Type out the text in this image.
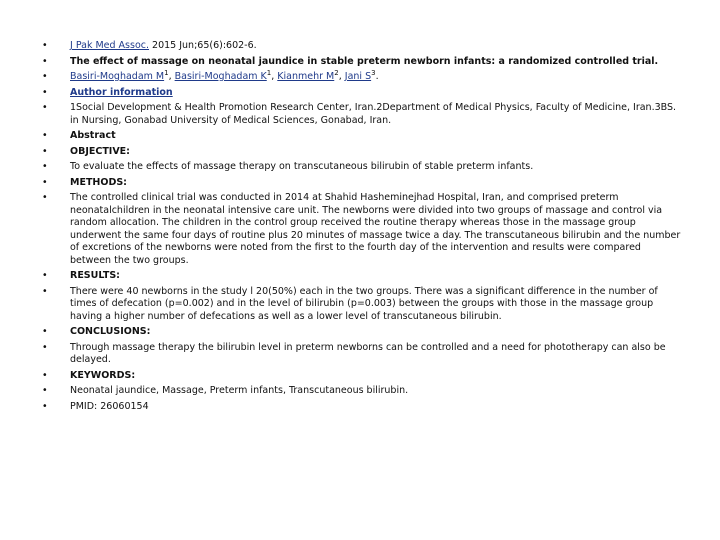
•	J Pak Med Assoc. 2015 Jun;65(6):602-6.
•	The effect of massage on neonatal jaundice in stable preterm newborn infants: a randomized controlled trial.
•	Basiri-Moghadam $M^1$, Basiri-Moghadam $K^1$, Kianmehr $M^2$, Jani $S^3$.
•	Author information
•	1Social Development & Health Promotion Research Center, Iran.2Department of Medical Physics, Faculty of Medicine, Iran.3BS. in Nursing, Gonabad University of Medical Sciences, Gonabad, Iran.
•	Abstract
•	OBJECTIVE:
•	To evaluate the effects of massage therapy on transcutaneous bilirubin of stable preterm infants.
•	METHODS:
•	The controlled clinical trial was conducted in 2014 at Shahid Hasheminejhad Hospital, Iran, and comprised preterm neonatalchildren in the neonatal intensive care unit. The newborns were divided into two groups of massage and control via random allocation. The children in the control group received the routine therapy whereas those in the massage group underwent the same four days of routine plus 20 minutes of massage twice a day. The transcutaneous bilirubin and the number of excretions of the newborns were noted from the first to the fourth day of the intervention and results were compared between the two groups.
•	RESULTS:
•	There were 40 newborns in the study l 20(50%) each in the two groups. There was a significant difference in the number of times of defecation (p=0.002) and in the level of bilirubin (p=0.003) between the groups with those in the massage group having a higher number of defecations as well as a lower level of transcutaneous bilirubin.
•	CONCLUSIONS:
•	Through massage therapy the bilirubin level in preterm newborns can be controlled and a need for phototherapy can also be delayed.
•	KEYWORDS:
•	Neonatal jaundice, Massage, Preterm infants, Transcutaneous bilirubin.
•	PMID: 26060154
